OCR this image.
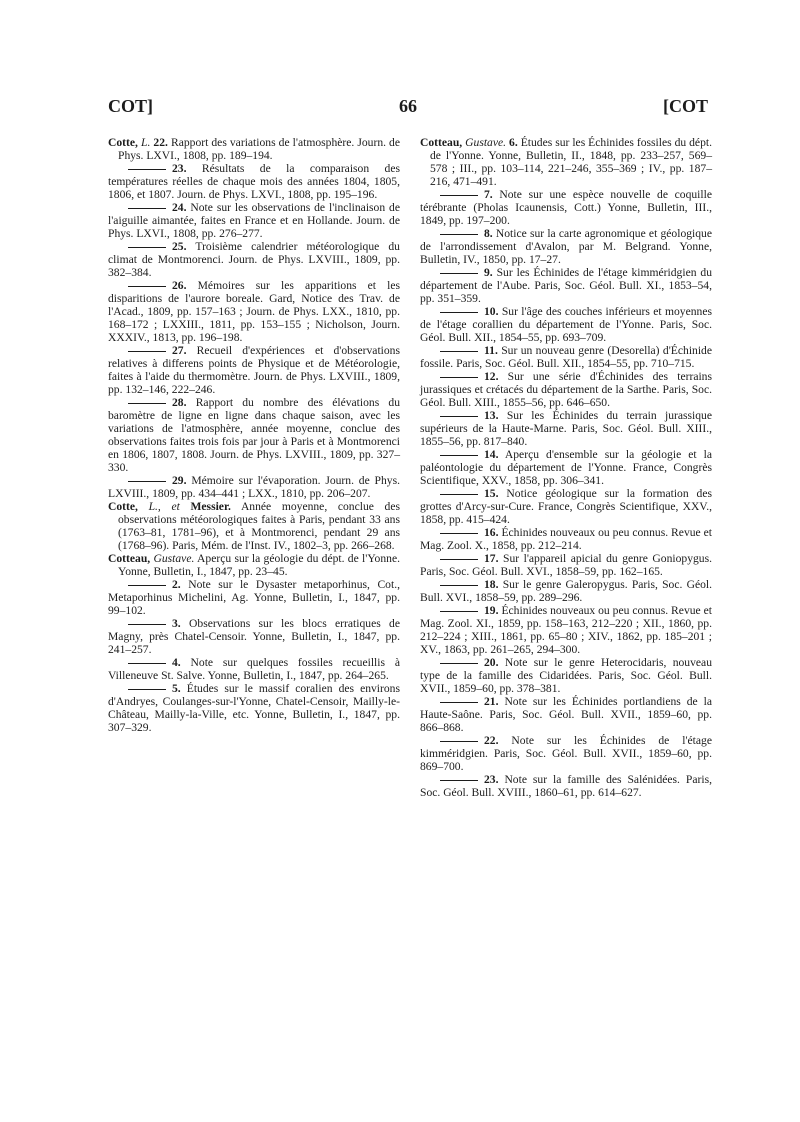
COT]	66	[COT
Cotte, L. 22. Rapport des variations de l'atmosphère. Journ. de Phys. LXVI., 1808, pp. 189–194.
23. Résultats de la comparaison des températures réelles de chaque mois des années 1804, 1805, 1806, et 1807. Journ. de Phys. LXVI., 1808, pp. 195–196.
24. Note sur les observations de l'inclinaison de l'aiguille aimantée, faites en France et en Hollande. Journ. de Phys. LXVI., 1808, pp. 276–277.
25. Troisième calendrier météorologique du climat de Montmorenci. Journ. de Phys. LXVIII., 1809, pp. 382–384.
26. Mémoires sur les apparitions et les disparitions de l'aurore boreale. Gard, Notice des Trav. de l'Acad., 1809, pp. 157–163 ; Journ. de Phys. LXX., 1810, pp. 168–172 ; LXXIII., 1811, pp. 153–155 ; Nicholson, Journ. XXXIV., 1813, pp. 196–198.
27. Recueil d'expériences et d'observations relatives à differens points de Physique et de Météorologie, faites à l'aide du thermomètre. Journ. de Phys. LXVIII., 1809, pp. 132–146, 222–246.
28. Rapport du nombre des élévations du baromètre de ligne en ligne dans chaque saison, avec les variations de l'atmosphère, année moyenne, conclue des observations faites trois fois par jour à Paris et à Montmorenci en 1806, 1807, 1808. Journ. de Phys. LXVIII., 1809, pp. 327–330.
29. Mémoire sur l'évaporation. Journ. de Phys. LXVIII., 1809, pp. 434–441 ; LXX., 1810, pp. 206–207.
Cotte, L., et Messier. Année moyenne, conclue des observations météorologiques faites à Paris, pendant 33 ans (1763–81, 1781–96), et à Montmorenci, pendant 29 ans (1768–96). Paris, Mém. de l'Inst. IV., 1802–3, pp. 266–268.
Cotteau, Gustave. Aperçu sur la géologie du dépt. de l'Yonne. Yonne, Bulletin, I., 1847, pp. 23–45.
2. Note sur le Dysaster metaporhinus, Cot., Metaporhinus Michelini, Ag. Yonne, Bulletin, I., 1847, pp. 99–102.
3. Observations sur les blocs erratiques de Magny, près Chatel-Censoir. Yonne, Bulletin, I., 1847, pp. 241–257.
4. Note sur quelques fossiles recueillis à Villeneuve St. Salve. Yonne, Bulletin, I., 1847, pp. 264–265.
5. Études sur le massif coralien des environs d'Andryes, Coulanges-sur-l'Yonne, Chatel-Censoir, Mailly-le-Château, Mailly-la-Ville, etc. Yonne, Bulletin, I., 1847, pp. 307–329.
Cotteau, Gustave. 6. Études sur les Échinides fossiles du dépt. de l'Yonne. Yonne, Bulletin, II., 1848, pp. 233–257, 569–578 ; III., pp. 103–114, 221–246, 355–369 ; IV., pp. 187–216, 471–491.
7. Note sur une espèce nouvelle de coquille térébrante (Pholas Icaunensis, Cott.) Yonne, Bulletin, III., 1849, pp. 197–200.
8. Notice sur la carte agronomique et géologique de l'arrondissement d'Avalon, par M. Belgrand. Yonne, Bulletin, IV., 1850, pp. 17–27.
9. Sur les Échinides de l'étage kimméridgien du département de l'Aube. Paris, Soc. Géol. Bull. XI., 1853–54, pp. 351–359.
10. Sur l'âge des couches inférieurs et moyennes de l'étage corallien du département de l'Yonne. Paris, Soc. Géol. Bull. XII., 1854–55, pp. 693–709.
11. Sur un nouveau genre (Desorella) d'Échinide fossile. Paris, Soc. Géol. Bull. XII., 1854–55, pp. 710–715.
12. Sur une série d'Échinides des terrains jurassiques et crétacés du département de la Sarthe. Paris, Soc. Géol. Bull. XIII., 1855–56, pp. 646–650.
13. Sur les Échinides du terrain jurassique supérieurs de la Haute-Marne. Paris, Soc. Géol. Bull. XIII., 1855–56, pp. 817–840.
14. Aperçu d'ensemble sur la géologie et la paléontologie du département de l'Yonne. France, Congrès Scientifique, XXV., 1858, pp. 306–341.
15. Notice géologique sur la formation des grottes d'Arcy-sur-Cure. France, Congrès Scientifique, XXV., 1858, pp. 415–424.
16. Échinides nouveaux ou peu connus. Revue et Mag. Zool. X., 1858, pp. 212–214.
17. Sur l'appareil apicial du genre Goniopygus. Paris, Soc. Géol. Bull. XVI., 1858–59, pp. 162–165.
18. Sur le genre Galeropygus. Paris, Soc. Géol. Bull. XVI., 1858–59, pp. 289–296.
19. Échinides nouveaux ou peu connus. Revue et Mag. Zool. XI., 1859, pp. 158–163, 212–220 ; XII., 1860, pp. 212–224 ; XIII., 1861, pp. 65–80 ; XIV., 1862, pp. 185–201 ; XV., 1863, pp. 261–265, 294–300.
20. Note sur le genre Heterocidaris, nouveau type de la famille des Cidaridées. Paris, Soc. Géol. Bull. XVII., 1859–60, pp. 378–381.
21. Note sur les Échinides portlandiens de la Haute-Saône. Paris, Soc. Géol. Bull. XVII., 1859–60, pp. 866–868.
22. Note sur les Échinides de l'étage kimméridgien. Paris, Soc. Géol. Bull. XVII., 1859–60, pp. 869–700.
23. Note sur la famille des Salénidées. Paris, Soc. Géol. Bull. XVIII., 1860–61, pp. 614–627.
